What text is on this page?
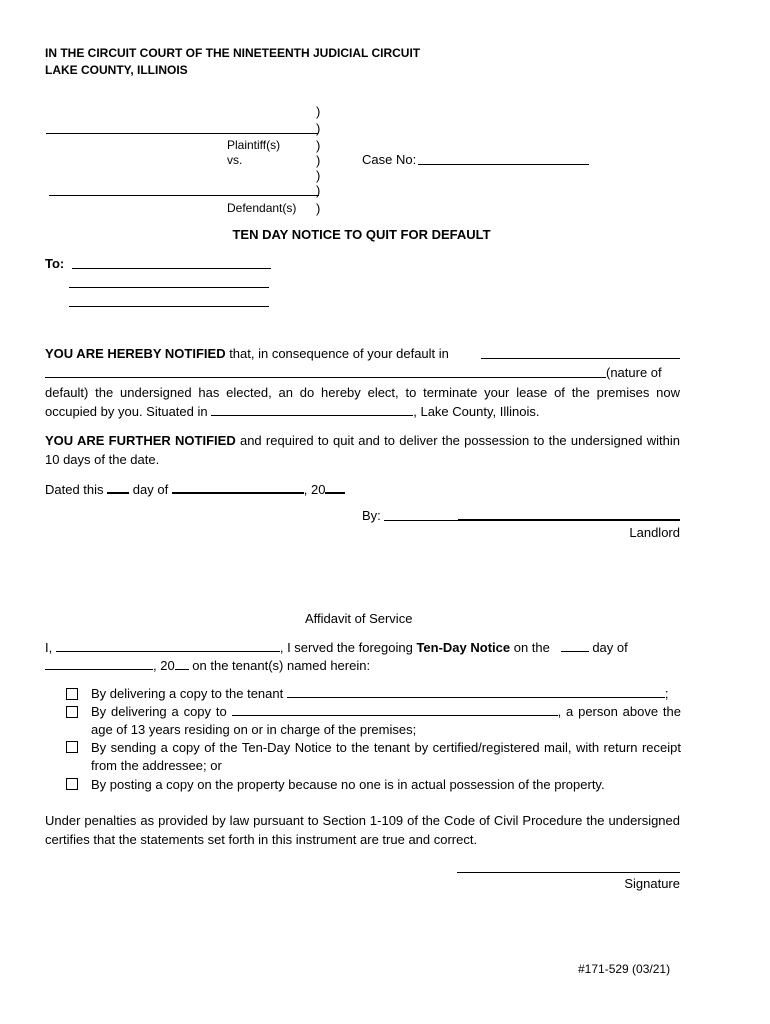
IN THE CIRCUIT COURT OF THE NINETEENTH JUDICIAL CIRCUIT
LAKE COUNTY, ILLINOIS
)
)
Plaintiff(s)	)
vs.	)
)
)
Defendant(s) )
Case No:
TEN DAY NOTICE TO QUIT FOR DEFAULT
To:
YOU ARE HEREBY NOTIFIED that, in consequence of your default in
(nature of
default) the undersigned has elected, an do hereby elect, to terminate your lease of the premises now occupied by you. Situated in	, Lake County, Illinois.
YOU ARE FURTHER NOTIFIED and required to quit and to deliver the possession to the undersigned within 10 days of the date.
Dated this  day of	, 20
By:
Landlord
Affidavit of Service
I,	, I served the foregoing Ten-Day Notice on the	day of
, 20 on the tenant(s) named herein:
By delivering a copy to the tenant	;
By delivering a copy to	, a person above the age of 13 years residing on or in charge of the premises;
By sending a copy of the Ten-Day Notice to the tenant by certified/registered mail, with return receipt from the addressee; or
By posting a copy on the property because no one is in actual possession of the property.
Under penalties as provided by law pursuant to Section 1-109 of the Code of Civil Procedure the undersigned certifies that the statements set forth in this instrument are true and correct.
Signature
#171-529 (03/21)
